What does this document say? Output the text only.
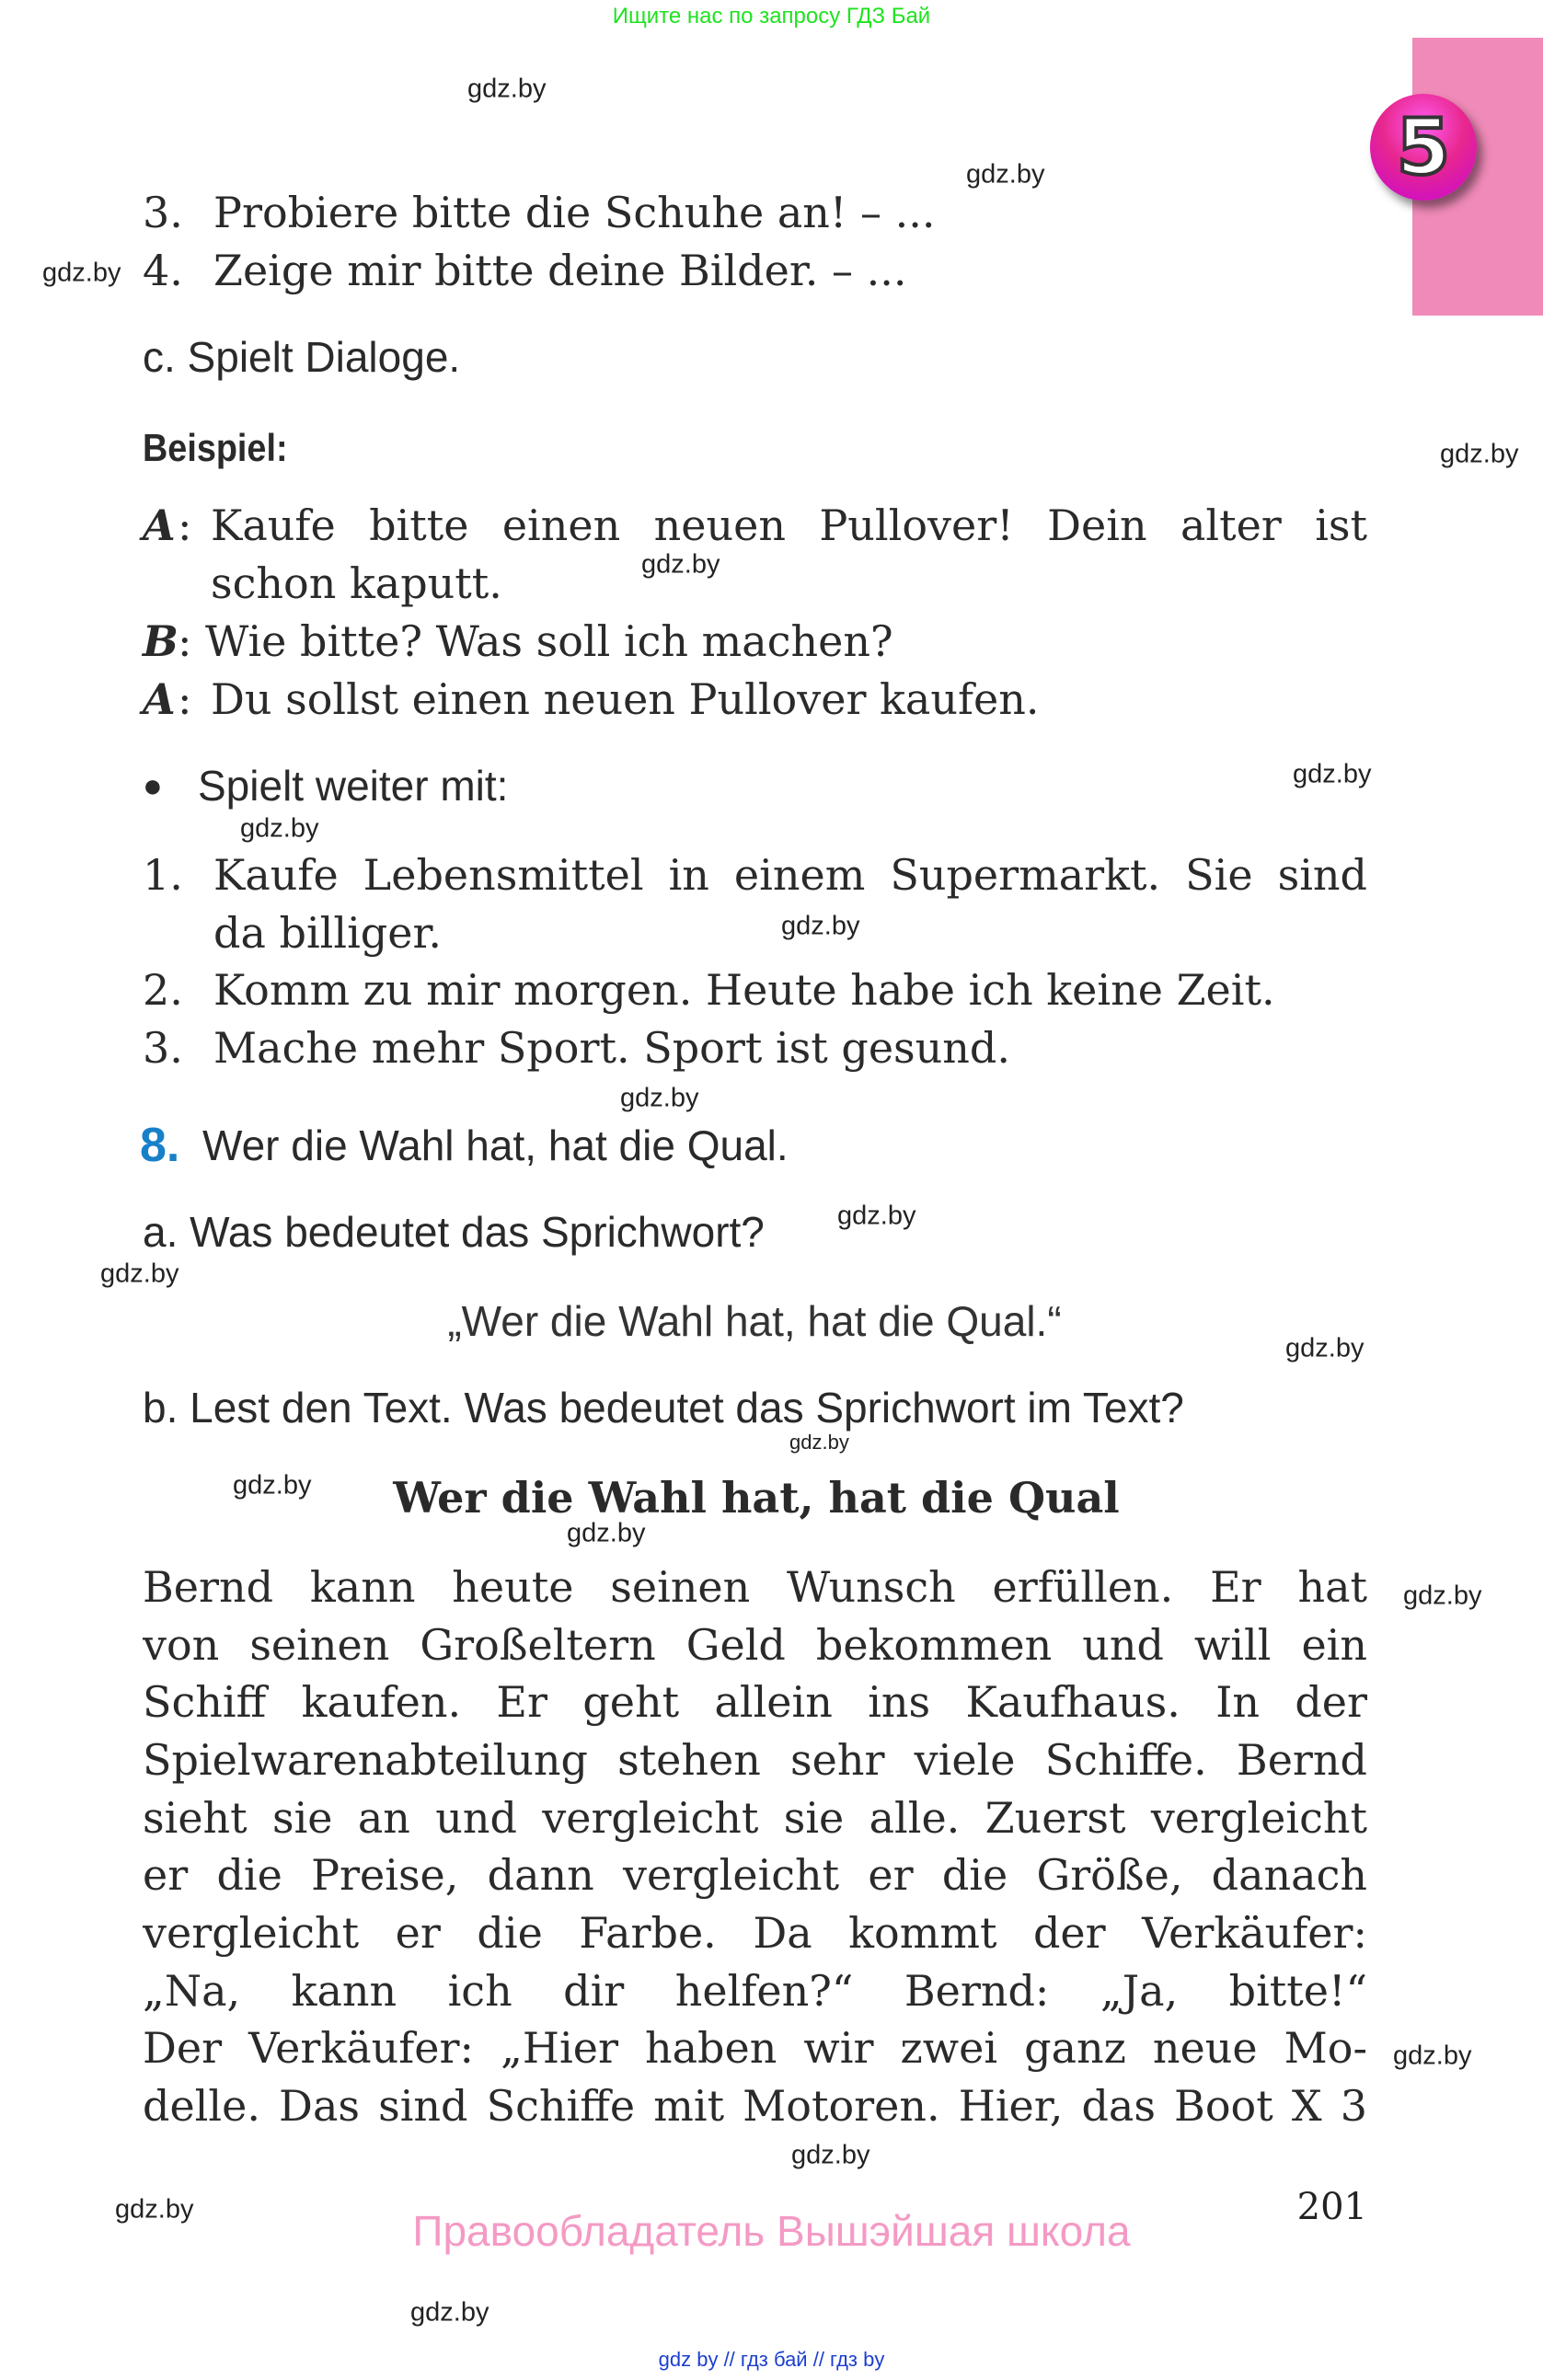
Ищите нас по запросу ГДЗ Бай
5
gdz.by
gdz.by
gdz.by
gdz.by
gdz.by
gdz.by
gdz.by
gdz.by
gdz.by
gdz.by
gdz.by
gdz.by
gdz.by
gdz.by
gdz.by
gdz.by
gdz.by
gdz.by
gdz.by
gdz.by
3. Probiere bitte die Schuhe an! – ...
4. Zeige mir bitte deine Bilder. – ...
c. Spielt Dialoge.
Beispiel:
A : Kaufe bitte einen neuen Pullover! Dein alter ist
schon kaputt.
B : Wie bitte? Was soll ich machen?
A : Du sollst einen neuen Pullover kaufen.
● Spielt weiter mit:
1. Kaufe Lebensmittel in einem Supermarkt. Sie sind
da billiger.
2. Komm zu mir morgen. Heute habe ich keine Zeit.
3. Mache mehr Sport. Sport ist gesund.
8. Wer die Wahl hat, hat die Qual.
a. Was bedeutet das Sprichwort?
„Wer die Wahl hat, hat die Qual.“
b. Lest den Text. Was bedeutet das Sprichwort im Text?
Wer die Wahl hat, hat die Qual
Bernd kann heute seinen Wunsch erfüllen. Er hat
von seinen Großeltern Geld bekommen und will ein
Schiff kaufen. Er geht allein ins Kaufhaus. In der
Spielwarenabteilung stehen sehr viele Schiffe. Bernd
sieht sie an und vergleicht sie alle. Zuerst vergleicht
er die Preise, dann vergleicht er die Größe, danach
vergleicht er die Farbe. Da kommt der Verkäufer:
„Na, kann ich dir helfen?“ Bernd: „Ja, bitte!“
Der Verkäufer: „Hier haben wir zwei ganz neue Mo-
delle. Das sind Schiffe mit Motoren. Hier, das Boot X 3
201
Правообладатель Вышэйшая школа
gdz by // гдз бай // гдз by
